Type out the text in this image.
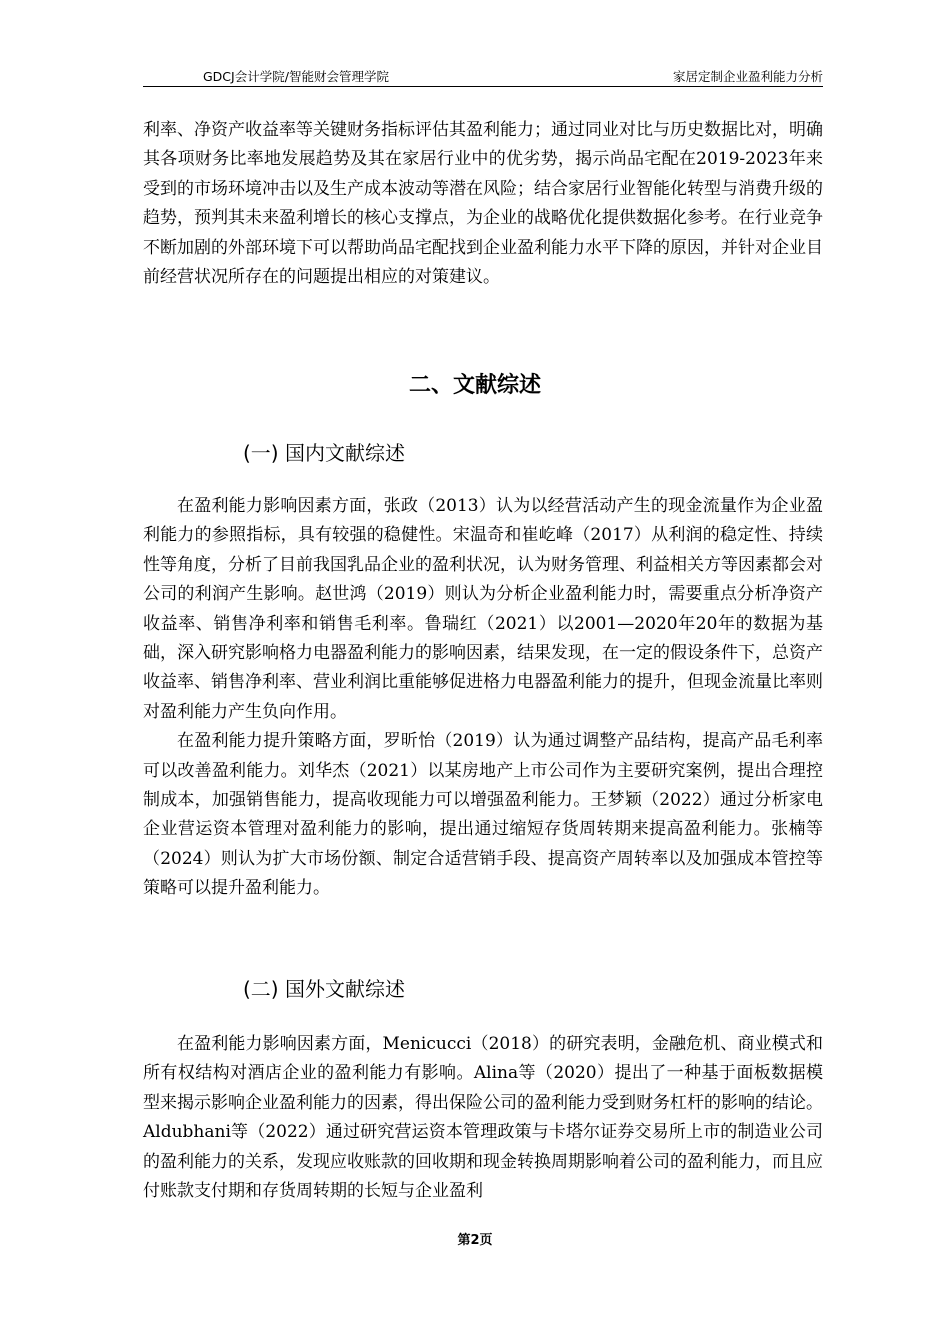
GDCJ会计学院/智能财会管理学院	家居定制企业盈利能力分析

利率、净资产收益率等关键财务指标评估其盈利能力；通过同业对比与历史数据比对，明确其各项财务比率地发展趋势及其在家居行业中的优劣势，揭示尚品宅配在2019-2023年来受到的市场环境冲击以及生产成本波动等潜在风险；结合家居行业智能化转型与消费升级的趋势，预判其未来盈利增长的核心支撑点，为企业的战略优化提供数据化参考。在行业竞争不断加剧的外部环境下可以帮助尚品宅配找到企业盈利能力水平下降的原因，并针对企业目前经营状况所存在的问题提出相应的对策建议。

二、文献综述
(一) 国内文献综述

在盈利能力影响因素方面，张政（2013）认为以经营活动产生的现金流量作为企业盈利能力的参照指标，具有较强的稳健性。宋温奇和崔屹峰（2017）从利润的稳定性、持续性等角度，分析了目前我国乳品企业的盈利状况，认为财务管理、利益相关方等因素都会对公司的利润产生影响。赵世鸿（2019）则认为分析企业盈利能力时，需要重点分析净资产收益率、销售净利率和销售毛利率。鲁瑞红（2021）以2001—2020年20年的数据为基础，深入研究影响格力电器盈利能力的影响因素，结果发现，在一定的假设条件下，总资产收益率、销售净利率、营业利润比重能够促进格力电器盈利能力的提升，但现金流量比率则对盈利能力产生负向作用。

在盈利能力提升策略方面，罗昕怡（2019）认为通过调整产品结构，提高产品毛利率可以改善盈利能力。刘华杰（2021）以某房地产上市公司作为主要研究案例，提出合理控制成本，加强销售能力，提高收现能力可以增强盈利能力。王梦颖（2022）通过分析家电企业营运资本管理对盈利能力的影响，提出通过缩短存货周转期来提高盈利能力。张楠等（2024）则认为扩大市场份额、制定合适营销手段、提高资产周转率以及加强成本管控等策略可以提升盈利能力。

(二) 国外文献综述

在盈利能力影响因素方面，Menicucci（2018）的研究表明，金融危机、商业模式和所有权结构对酒店企业的盈利能力有影响。Alina等（2020）提出了一种基于面板数据模型来揭示影响企业盈利能力的因素，得出保险公司的盈利能力受到财务杠杆的影响的结论。Aldubhani等（2022）通过研究营运资本管理政策与卡塔尔证券交易所上市的制造业公司的盈利能力的关系，发现应收账款的回收期和现金转换周期影响着公司的盈利能力，而且应付账款支付期和存货周转期的长短与企业盈利

第2页
